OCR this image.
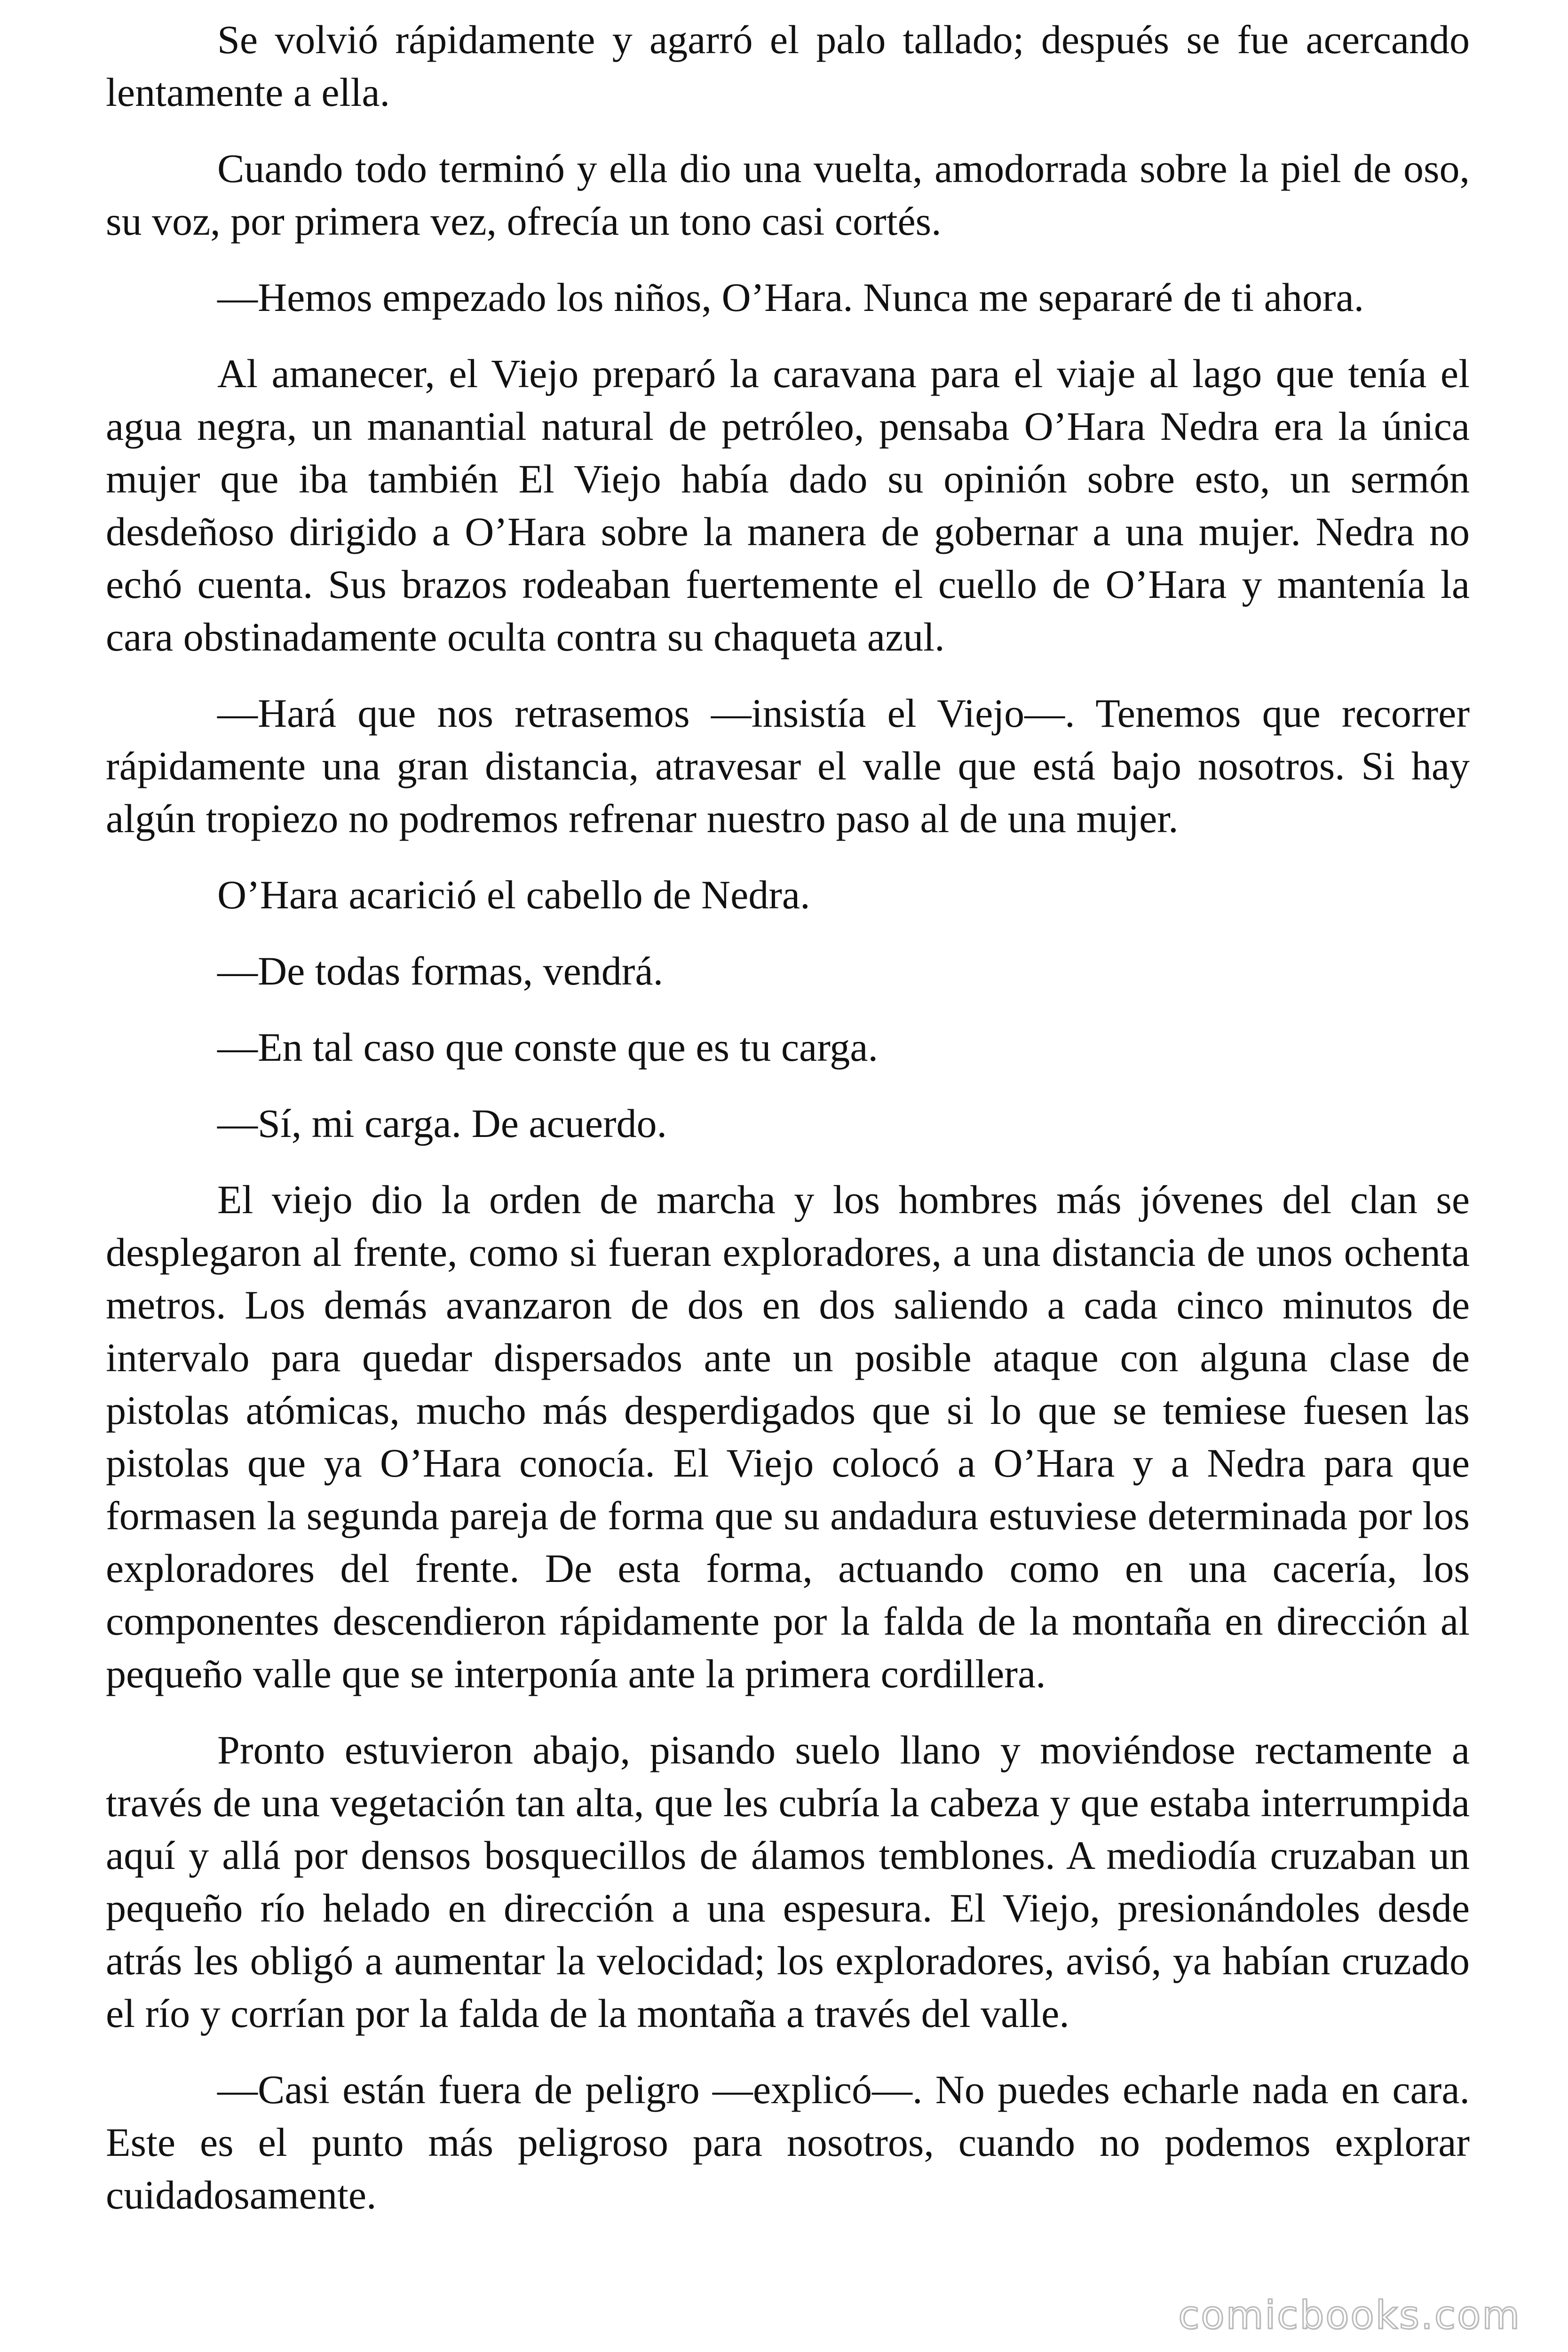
Se volvió rápidamente y agarró el palo tallado; después se fue acercando lentamente a ella.

Cuando todo terminó y ella dio una vuelta, amodorrada sobre la piel de oso, su voz, por primera vez, ofrecía un tono casi cortés.

—Hemos empezado los niños, O’Hara. Nunca me separaré de ti ahora.

Al amanecer, el Viejo preparó la caravana para el viaje al lago que tenía el agua negra, un manantial natural de petróleo, pensaba O’Hara Nedra era la única mujer que iba también El Viejo había dado su opinión sobre esto, un sermón desdeñoso dirigido a O’Hara sobre la manera de gobernar a una mujer. Nedra no echó cuenta. Sus brazos rodeaban fuertemente el cuello de O’Hara y mantenía la cara obstinadamente oculta contra su chaqueta azul.

—Hará que nos retrasemos —insistía el Viejo—. Tenemos que recorrer rápidamente una gran distancia, atravesar el valle que está bajo nosotros. Si hay algún tropiezo no podremos refrenar nuestro paso al de una mujer.

O’Hara acarició el cabello de Nedra.

—De todas formas, vendrá.

—En tal caso que conste que es tu carga.

—Sí, mi carga. De acuerdo.

El viejo dio la orden de marcha y los hombres más jóvenes del clan se desplegaron al frente, como si fueran exploradores, a una distancia de unos ochenta metros. Los demás avanzaron de dos en dos saliendo a cada cinco minutos de intervalo para quedar dispersados ante un posible ataque con alguna clase de pistolas atómicas, mucho más desperdigados que si lo que se temiese fuesen las pistolas que ya O’Hara conocía. El Viejo colocó a O’Hara y a Nedra para que formasen la segunda pareja de forma que su andadura estuviese determinada por los exploradores del frente. De esta forma, actuando como en una cacería, los componentes descendieron rápidamente por la falda de la montaña en dirección al pequeño valle que se interponía ante la primera cordillera.

Pronto estuvieron abajo, pisando suelo llano y moviéndose rectamente a través de una vegetación tan alta, que les cubría la cabeza y que estaba interrumpida aquí y allá por densos bosquecillos de álamos temblones. A mediodía cruzaban un pequeño río helado en dirección a una espesura. El Viejo, presionándoles desde atrás les obligó a aumentar la velocidad; los exploradores, avisó, ya habían cruzado el río y corrían por la falda de la montaña a través del valle.

—Casi están fuera de peligro —explicó—. No puedes echarle nada en cara. Este es el punto más peligroso para nosotros, cuando no podemos explorar cuidadosamente.

comicbooks.com
